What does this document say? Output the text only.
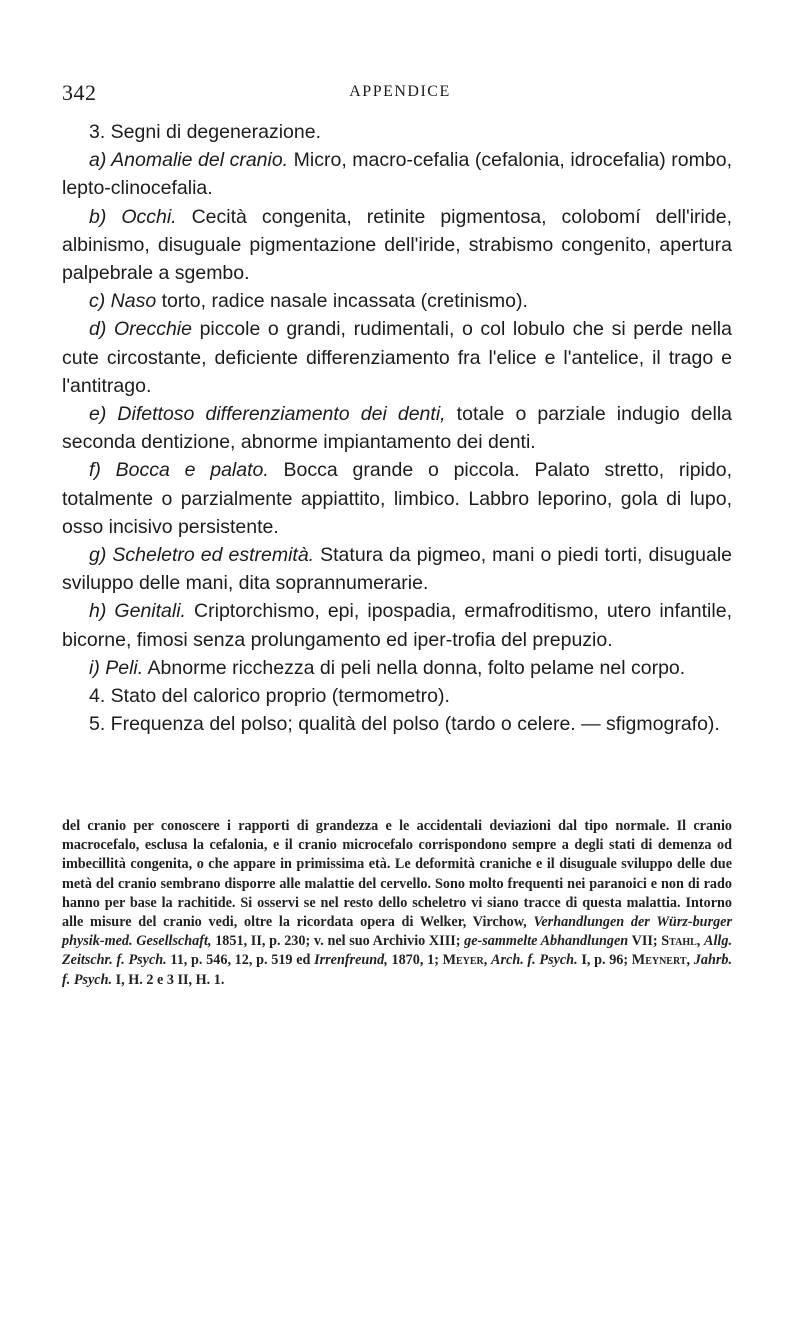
342	APPENDICE

3. Segni di degenerazione.

a) Anomalie del cranio. Micro, macro-cefalia (cefalonia, idrocefalia) rombo, lepto-clinocefalia.

b) Occhi. Cecità congenita, retinite pigmentosa, colobomí dell'iride, albinismo, disuguale pigmentazione dell'iride, strabismo congenito, apertura palpebrale a sgembo.

c) Naso torto, radice nasale incassata (cretinismo).

d) Orecchie piccole o grandi, rudimentali, o col lobulo che si perde nella cute circostante, deficiente differenziamento fra l'elice e l'antelice, il trago e l'antitrago.

e) Difettoso differenziamento dei denti, totale o parziale indugio della seconda dentizione, abnorme impiantamento dei denti.

f) Bocca e palato. Bocca grande o piccola. Palato stretto, ripido, totalmente o parzialmente appiattito, limbico. Labbro leporino, gola di lupo, osso incisivo persistente.

g) Scheletro ed estremità. Statura da pigmeo, mani o piedi torti, disuguale sviluppo delle mani, dita soprannumerarie.

h) Genitali. Criptorchismo, epi, ipospadia, ermafroditismo, utero infantile, bicorne, fimosi senza prolungamento ed iper-trofia del prepuzio.

i) Peli. Abnorme ricchezza di peli nella donna, folto pelame nel corpo.

4. Stato del calorico proprio (termometro).

5. Frequenza del polso; qualità del polso (tardo o celere. — sfigmografo).

del cranio per conoscere i rapporti di grandezza e le accidentali deviazioni dal tipo normale. Il cranio macrocefalo, esclusa la cefalonia, e il cranio microcefalo corrispondono sempre a degli stati di demenza od imbecillità congenita, o che appare in primissima età. Le deformità craniche e il disuguale sviluppo delle due metà del cranio sembrano disporre alle malattie del cervello. Sono molto frequenti nei paranoici e non di rado hanno per base la rachitide. Si osservi se nel resto dello scheletro vi siano tracce di questa malattia. Intorno alle misure del cranio vedi, oltre la ricordata opera di Welker, Virchow, Verhandlungen der Würz-burger physik-med. Gesellschaft, 1851, II, p. 230; v. nel suo Archivio XIII; ge-sammelte Abhandlungen VII; Stahl, Allg. Zeitschr. f. Psych. 11, p. 546, 12, p. 519 ed Irrenfreund, 1870, 1; Meyer, Arch. f. Psych. I, p. 96; Meynert, Jahrb. f. Psych. I, H. 2 e 3 II, H. 1.
